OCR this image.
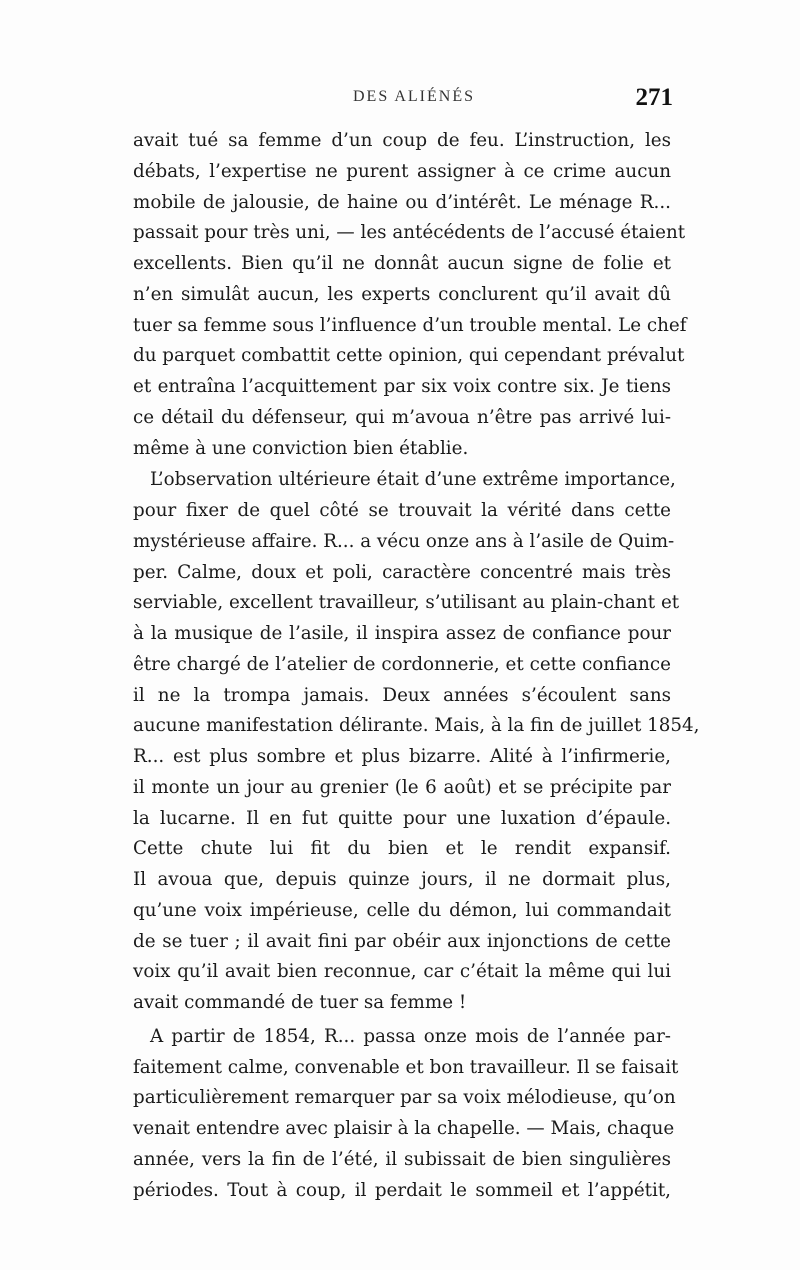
DES ALIÉNÉS	271
avait tué sa femme d’un coup de feu. L’instruction, les
débats, l’expertise ne purent assigner à ce crime aucun
mobile de jalousie, de haine ou d’intérêt. Le ménage R...
passait pour très uni, — les antécédents de l’accusé étaient
excellents. Bien qu’il ne donnât aucun signe de folie et
n’en simulât aucun, les experts conclurent qu’il avait dû
tuer sa femme sous l’influence d’un trouble mental. Le chef
du parquet combattit cette opinion, qui cependant prévalut
et entraîna l’acquittement par six voix contre six. Je tiens
ce détail du défenseur, qui m’avoua n’être pas arrivé lui-
même à une conviction bien établie.
L’observation ultérieure était d’une extrême importance,
pour fixer de quel côté se trouvait la vérité dans cette
mystérieuse affaire. R... a vécu onze ans à l’asile de Quim-
per. Calme, doux et poli, caractère concentré mais très
serviable, excellent travailleur, s’utilisant au plain-chant et
à la musique de l’asile, il inspira assez de confiance pour
être chargé de l’atelier de cordonnerie, et cette confiance
il ne la trompa jamais. Deux années s’écoulent sans
aucune manifestation délirante. Mais, à la fin de juillet 1854,
R... est plus sombre et plus bizarre. Alité à l’infirmerie,
il monte un jour au grenier (le 6 août) et se précipite par
la lucarne. Il en fut quitte pour une luxation d’épaule.
Cette chute lui fit du bien et le rendit expansif.
Il avoua que, depuis quinze jours, il ne dormait plus,
qu’une voix impérieuse, celle du démon, lui commandait
de se tuer ; il avait fini par obéir aux injonctions de cette
voix qu’il avait bien reconnue, car c’était la même qui lui
avait commandé de tuer sa femme !
A partir de 1854, R... passa onze mois de l’année par-
faitement calme, convenable et bon travailleur. Il se faisait
particulièrement remarquer par sa voix mélodieuse, qu’on
venait entendre avec plaisir à la chapelle. — Mais, chaque
année, vers la fin de l’été, il subissait de bien singulières
périodes. Tout à coup, il perdait le sommeil et l’appétit,
